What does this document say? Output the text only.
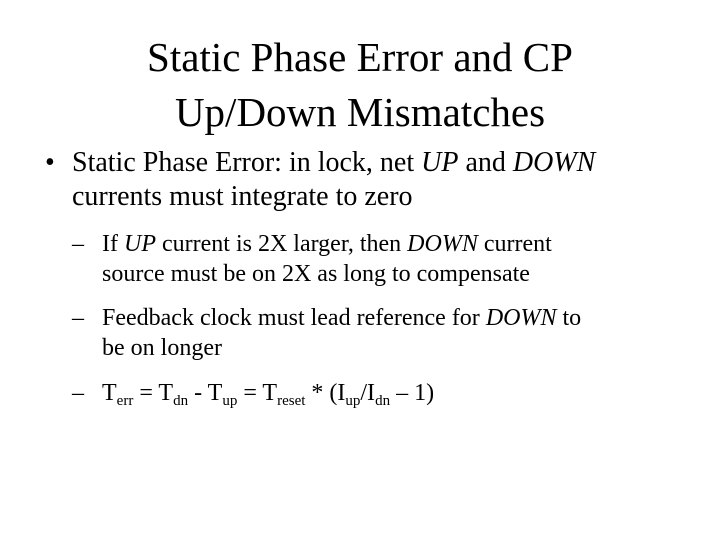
Static Phase Error and CP
Up/Down Mismatches
• Static Phase Error: in lock, net UP and DOWN
currents must integrate to zero
– If UP current is 2X larger, then DOWN current
source must be on 2X as long to compensate
– Feedback clock must lead reference for DOWN to
be on longer
– $T_{err} = T_{dn} - T_{up} = T_{reset} * (I_{up}/I_{dn} - 1)$
